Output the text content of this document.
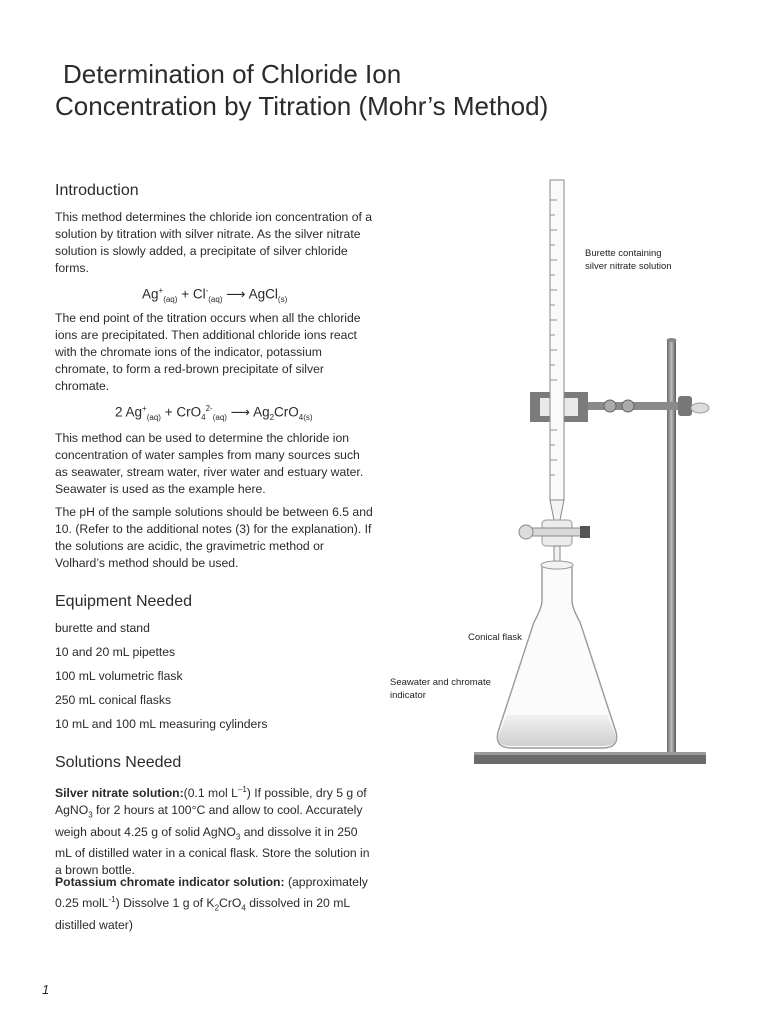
Determination of Chloride Ion
Concentration by Titration (Mohr’s Method)
Introduction

This method determines the chloride ion concentration of a solution by titration with silver nitrate. As the silver nitrate solution is slowly added, a precipitate of silver chloride forms.

$Ag^+_{(aq)} + Cl^-_{(aq)}$ ⟶ AgCl$_{(s)}$

The end point of the titration occurs when all the chloride ions are precipitated. Then additional chloride ions react with the chromate ions of the indicator, potassium chromate, to form a red-brown precipitate of silver chromate.

2 $Ag^+_{(aq)} + CrO_4^{2-}_{(aq)}$ ⟶ $Ag_2CrO_{4(s)}$

This method can be used to determine the chloride ion concentration of water samples from many sources such as seawater, stream water, river water and estuary water. Seawater is used as the example here.

The pH of the sample solutions should be between 6.5 and 10. (Refer to the additional notes (3) for the explanation). If the solutions are acidic, the gravimetric method or Volhard’s method should be used.

Equipment Needed
burette and stand
10 and 20 mL pipettes
100 mL volumetric flask
250 mL conical flasks
10 mL and 100 mL measuring cylinders
Solutions Needed

Silver nitrate solution:(0.1 mol $L^{-1}$) If possible, dry 5 g of AgNO$_3$ for 2 hours at 100°C and allow to cool. Accurately weigh about 4.25 g of solid AgNO$_3$ and dissolve it in 250 mL of distilled water in a conical flask. Store the solution in a brown bottle.

Potassium chromate indicator solution: (approximately 0.25 molL$^{-1}$) Dissolve 1 g of $K_2CrO_4$ dissolved in 20 mL distilled water)

Burette containing
silver nitrate solution
Conical flask
Seawater and chromate
indicator
1
